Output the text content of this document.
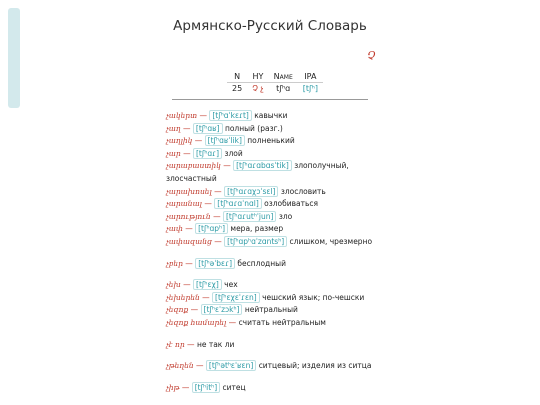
Армянско-Русский Словарь
Չ
N	HY	Name	IPA
25	Չ չ	tʃʰɑ	[tʃʰ]
չակերտ — [tʃʰɑˈkɛɾt] кавычки
չաղ — [tʃʰɑʁ] полный (разг.)
չաղլիկ — [tʃʰɑʁˈlik] полненький
չար — [tʃʰɑɾ] злой
չարաբաստիկ — [tʃʰɑɾɑbɑsˈtik] злополучный, злосчастный
չարախոսել — [tʃʰɑɾɑχɔˈsɛl] злословить
չարանալ — [tʃʰɑɾɑˈnɑl] озлобиваться
չարություն — [tʃʰɑɾutʰˈjun] зло
չափ — [tʃʰɑpʰ] мера, размер
չափազանց — [tʃʰɑpʰɑˈzɑntsʰ] слишком, чрезмерно
չբեր — [tʃʰəˈbɛɾ] бесплодный
չեխ — [tʃʰɛχ] чех
չեխերեն — [tʃʰɛχɛˈɾɛn] чешский язык; по-чешски
չեզոք — [tʃʰɛˈzɔkʰ] нейтральный
չեզոք համարել — считать нейтральным
չէ որ — не так ли
չթեղեն — [tʃʰətʰɛˈʁɛn] ситцевый; изделия из ситца
չիթ — [tʃʰitʰ] ситец
